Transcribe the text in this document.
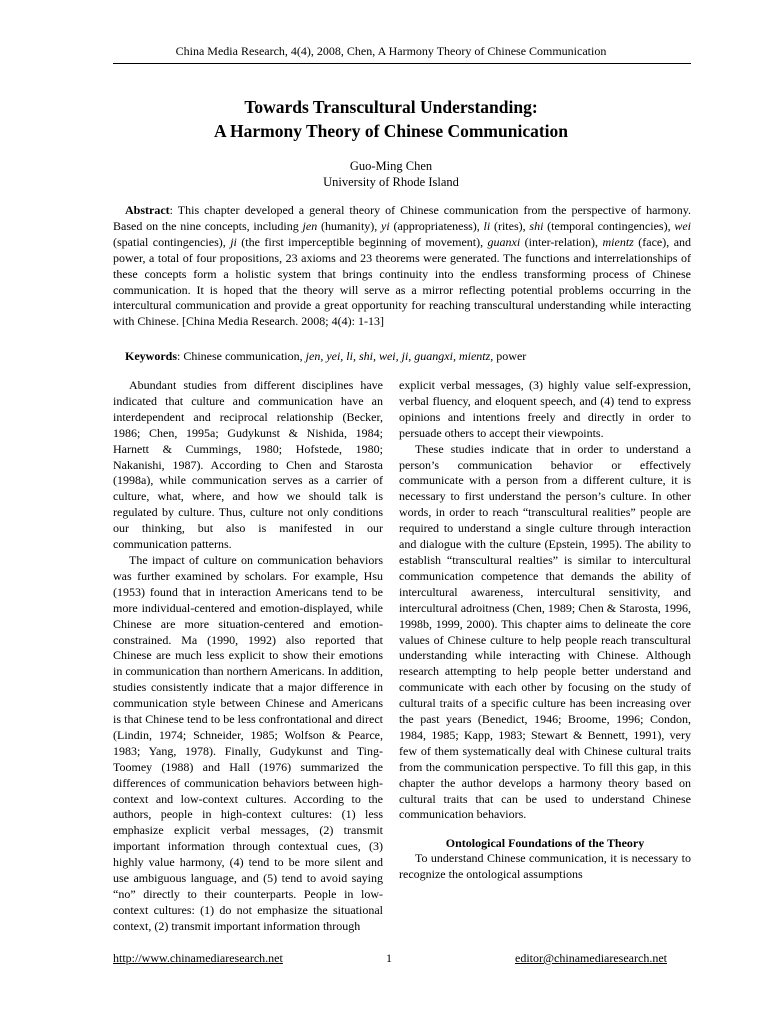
China Media Research, 4(4), 2008, Chen, A Harmony Theory of Chinese Communication
Towards Transcultural Understanding:
A Harmony Theory of Chinese Communication
Guo-Ming Chen
University of Rhode Island
Abstract: This chapter developed a general theory of Chinese communication from the perspective of harmony. Based on the nine concepts, including jen (humanity), yi (appropriateness), li (rites), shi (temporal contingencies), wei (spatial contingencies), ji (the first imperceptible beginning of movement), guanxi (inter-relation), mientz (face), and power, a total of four propositions, 23 axioms and 23 theorems were generated. The functions and interrelationships of these concepts form a holistic system that brings continuity into the endless transforming process of Chinese communication. It is hoped that the theory will serve as a mirror reflecting potential problems occurring in the intercultural communication and provide a great opportunity for reaching transcultural understanding while interacting with Chinese. [China Media Research. 2008; 4(4): 1-13]
Keywords: Chinese communication, jen, yei, li, shi, wei, ji, guangxi, mientz, power

Abundant studies from different disciplines have indicated that culture and communication have an interdependent and reciprocal relationship (Becker, 1986; Chen, 1995a; Gudykunst & Nishida, 1984; Harnett & Cummings, 1980; Hofstede, 1980; Nakanishi, 1987). According to Chen and Starosta (1998a), while communication serves as a carrier of culture, what, where, and how we should talk is regulated by culture. Thus, culture not only conditions our thinking, but also is manifested in our communication patterns.

The impact of culture on communication behaviors was further examined by scholars. For example, Hsu (1953) found that in interaction Americans tend to be more individual-centered and emotion-displayed, while Chinese are more situation-centered and emotion-constrained. Ma (1990, 1992) also reported that Chinese are much less explicit to show their emotions in communication than northern Americans. In addition, studies consistently indicate that a major difference in communication style between Chinese and Americans is that Chinese tend to be less confrontational and direct (Lindin, 1974; Schneider, 1985; Wolfson & Pearce, 1983; Yang, 1978). Finally, Gudykunst and Ting-Toomey (1988) and Hall (1976) summarized the differences of communication behaviors between high-context and low-context cultures. According to the authors, people in high-context cultures: (1) less emphasize explicit verbal messages, (2) transmit important information through contextual cues, (3) highly value harmony, (4) tend to be more silent and use ambiguous language, and (5) tend to avoid saying “no” directly to their counterparts. People in low-context cultures: (1) do not emphasize the situational context, (2) transmit important information through

explicit verbal messages, (3) highly value self-expression, verbal fluency, and eloquent speech, and (4) tend to express opinions and intentions freely and directly in order to persuade others to accept their viewpoints.

These studies indicate that in order to understand a person’s communication behavior or effectively communicate with a person from a different culture, it is necessary to first understand the person’s culture. In other words, in order to reach “transcultural realities” people are required to understand a single culture through interaction and dialogue with the culture (Epstein, 1995). The ability to establish “transcultural realties” is similar to intercultural communication competence that demands the ability of intercultural awareness, intercultural sensitivity, and intercultural adroitness (Chen, 1989; Chen & Starosta, 1996, 1998b, 1999, 2000). This chapter aims to delineate the core values of Chinese culture to help people reach transcultural understanding while interacting with Chinese. Although research attempting to help people better understand and communicate with each other by focusing on the study of cultural traits of a specific culture has been increasing over the past years (Benedict, 1946; Broome, 1996; Condon, 1984, 1985; Kapp, 1983; Stewart & Bennett, 1991), very few of them systematically deal with Chinese cultural traits from the communication perspective. To fill this gap, in this chapter the author develops a harmony theory based on cultural traits that can be used to understand Chinese communication behaviors.

Ontological Foundations of the Theory

To understand Chinese communication, it is necessary to recognize the ontological assumptions

http://www.chinamediaresearch.net	1	editor@chinamediaresearch.net
